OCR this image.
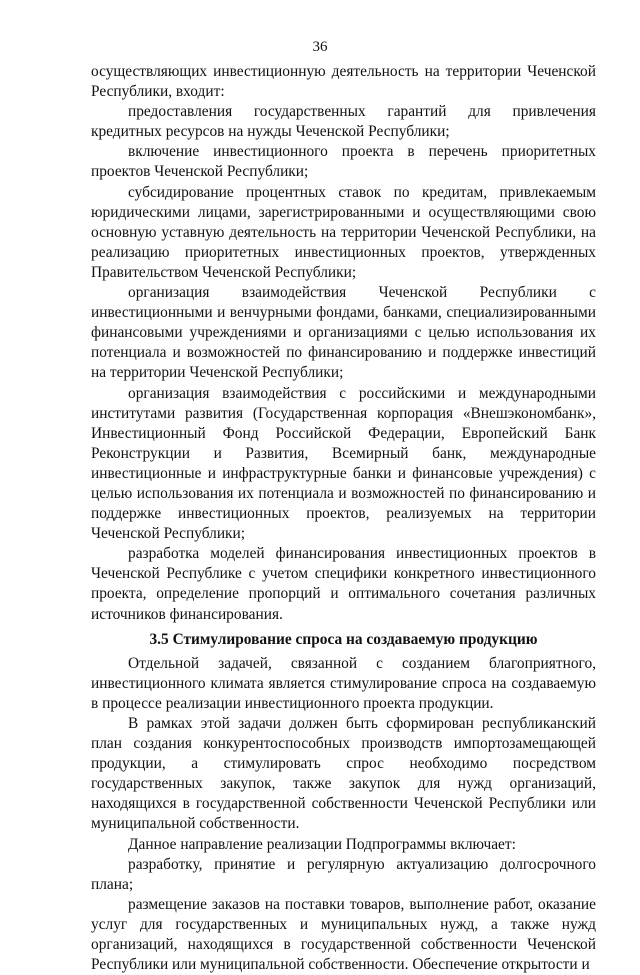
36

осуществляющих инвестиционную деятельность на территории Чеченской Республики, входит:

предоставления государственных гарантий для привлечения кредитных ресурсов на нужды Чеченской Республики;

включение инвестиционного проекта в перечень приоритетных проектов Чеченской Республики;

субсидирование процентных ставок по кредитам, привлекаемым юридическими лицами, зарегистрированными и осуществляющими свою основную уставную деятельность на территории Чеченской Республики, на реализацию приоритетных инвестиционных проектов, утвержденных Правительством Чеченской Республики;

организация взаимодействия Чеченской Республики с инвестиционными и венчурными фондами, банками, специализированными финансовыми учреждениями и организациями с целью использования их потенциала и возможностей по финансированию и поддержке инвестиций на территории Чеченской Республики;

организация взаимодействия с российскими и международными институтами развития (Государственная корпорация «Внешэкономбанк», Инвестиционный Фонд Российской Федерации, Европейский Банк Реконструкции и Развития, Всемирный банк, международные инвестиционные и инфраструктурные банки и финансовые учреждения) с целью использования их потенциала и возможностей по финансированию и поддержке инвестиционных проектов, реализуемых на территории Чеченской Республики;

разработка моделей финансирования инвестиционных проектов в Чеченской Республике с учетом специфики конкретного инвестиционного проекта, определение пропорций и оптимального сочетания различных источников финансирования.

3.5 Стимулирование спроса на создаваемую продукцию

Отдельной задачей, связанной с созданием благоприятного, инвестиционного климата является стимулирование спроса на создаваемую в процессе реализации инвестиционного проекта продукции.

В рамках этой задачи должен быть сформирован республиканский план создания конкурентоспособных производств импортозамещающей продукции, а стимулировать спрос необходимо посредством государственных закупок, также закупок для нужд организаций, находящихся в государственной собственности Чеченской Республики или муниципальной собственности.

Данное направление реализации Подпрограммы включает:

разработку, принятие и регулярную актуализацию долгосрочного плана;

размещение заказов на поставки товаров, выполнение работ, оказание услуг для государственных и муниципальных нужд, а также нужд организаций, находящихся в государственной собственности Чеченской Республики или муниципальной собственности. Обеспечение открытости и
